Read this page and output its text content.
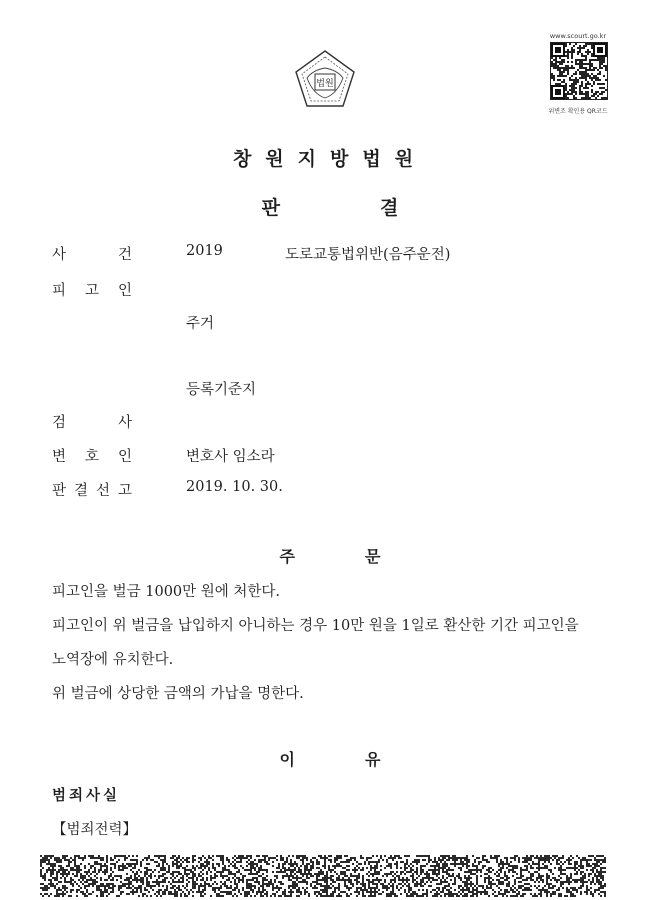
법원
www.scourt.go.kr
위변조 확인용 QR코드
창원지방법원
판	결
사	건	2019	도로교통법위반(음주운전)
피 고 인
주거
등록기준지
검	사
변 호 인	변호사 임소라
판 결 선 고	2019. 10. 30.
주	문
피고인을 벌금 1000만 원에 처한다.
피고인이 위 벌금을 납입하지 아니하는 경우 10만 원을 1일로 환산한 기간 피고인을
노역장에 유치한다.
위 벌금에 상당한 금액의 가납을 명한다.
이	유
범죄사실
【범죄전력】
